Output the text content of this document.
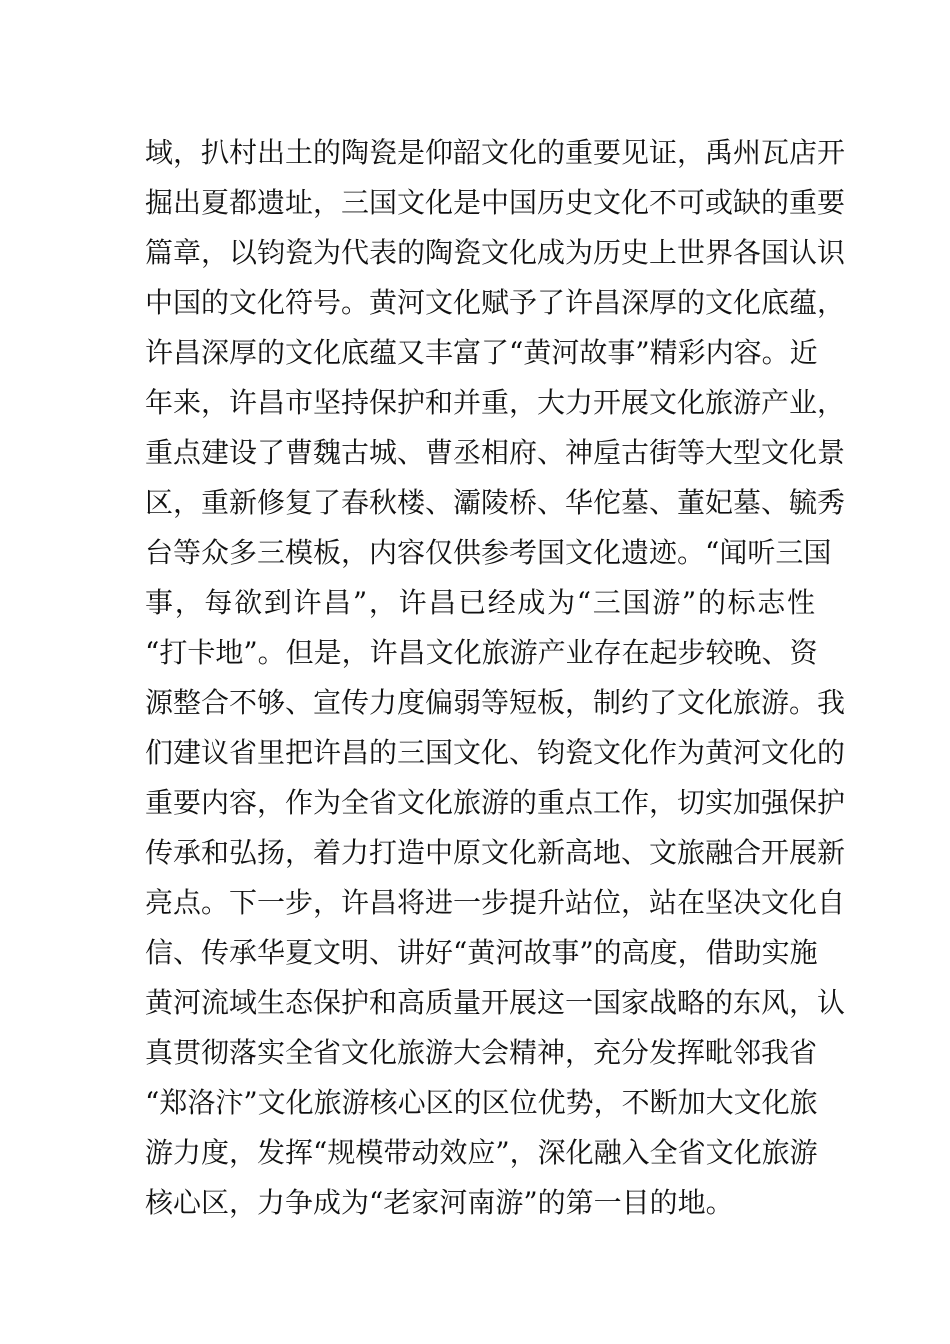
域，扒村出土的陶瓷是仰韶文化的重要见证，禹州瓦店开
掘出夏都遗址，三国文化是中国历史文化不可或缺的重要
篇章，以钧瓷为代表的陶瓷文化成为历史上世界各国认识
中国的文化符号。黄河文化赋予了许昌深厚的文化底蕴，
许昌深厚的文化底蕴又丰富了“黄河故事”精彩内容。近
年来，许昌市坚持保护和并重，大力开展文化旅游产业，
重点建设了曹魏古城、曹丞相府、神垕古街等大型文化景
区，重新修复了春秋楼、灞陵桥、华佗墓、董妃墓、毓秀
台等众多三模板，内容仅供参考国文化遗迹。“闻听三国
事，每欲到许昌”，许昌已经成为“三国游”的标志性
“打卡地”。但是，许昌文化旅游产业存在起步较晚、资
源整合不够、宣传力度偏弱等短板，制约了文化旅游。我
们建议省里把许昌的三国文化、钧瓷文化作为黄河文化的
重要内容，作为全省文化旅游的重点工作，切实加强保护
传承和弘扬，着力打造中原文化新高地、文旅融合开展新
亮点。下一步，许昌将进一步提升站位，站在坚决文化自
信、传承华夏文明、讲好“黄河故事”的高度，借助实施
黄河流域生态保护和高质量开展这一国家战略的东风，认
真贯彻落实全省文化旅游大会精神，充分发挥毗邻我省
“郑洛汴”文化旅游核心区的区位优势，不断加大文化旅
游力度，发挥“规模带动效应”，深化融入全省文化旅游
核心区，力争成为“老家河南游”的第一目的地。
